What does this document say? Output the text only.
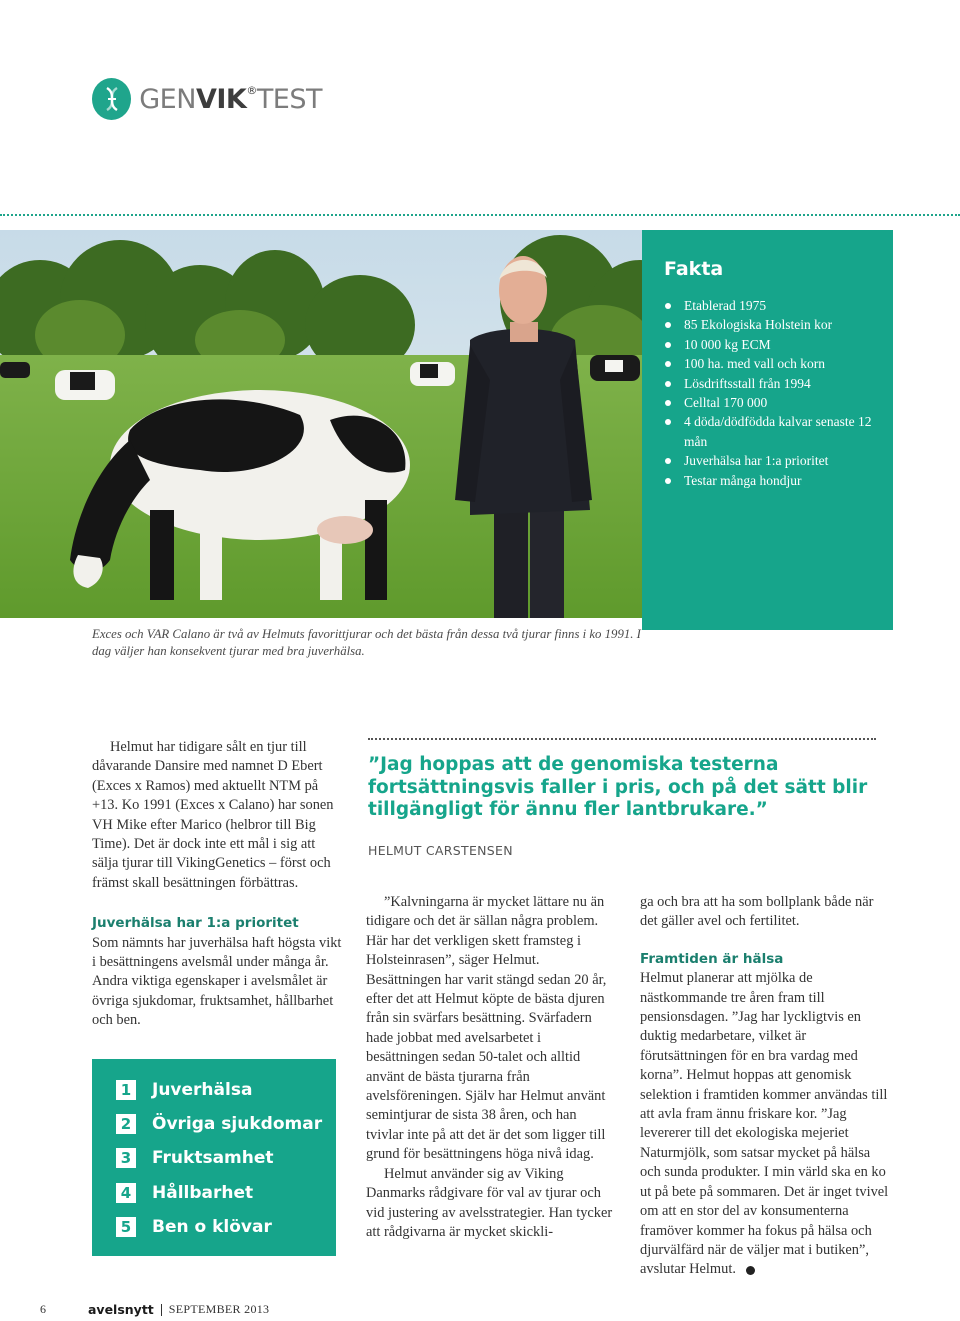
GENVIK®TEST
Fakta
Etablerad 1975
85 Ekologiska Holstein kor
10 000 kg ECM
100 ha. med vall och korn
Lösdriftsstall från 1994
Celltal 170 000
4 döda/dödfödda kalvar senaste 12 mån
Juverhälsa har 1:a prioritet
Testar många hondjur
Exces och VAR Calano är två av Helmuts favorittjurar och det bästa från dessa två tjurar finns i ko 1991. I dag väljer han konsekvent tjurar med bra juverhälsa.

Helmut har tidigare sålt en tjur till dåvarande Dansire med namnet D Ebert (Exces x Ramos) med aktuellt NTM på +13. Ko 1991 (Exces x Calano) har sonen VH Mike efter Marico (helbror till Big Time). Det är dock inte ett mål i sig att sälja tjurar till VikingGenetics – först och främst skall besättningen förbättras.

Juverhälsa har 1:a prioritet

Som nämnts har juverhälsa haft högsta vikt i besättningens avelsmål under många år. Andra viktiga egenskaper i avelsmålet är övriga sjukdomar, fruktsamhet, hållbarhet och ben.

”Jag hoppas att de genomiska testerna fortsättningsvis faller i pris, och på det sätt blir tillgängligt för ännu fler lantbrukare.”
HELMUT CARSTENSEN

”Kalvningarna är mycket lättare nu än tidigare och det är sällan några problem. Här har det verkligen skett framsteg i Holsteinrasen”, säger Helmut. Besättningen har varit stängd sedan 20 år, efter det att Helmut köpte de bästa djuren från sin svärfars besättning. Svärfadern hade jobbat med avelsarbetet i besättningen sedan 50-talet och alltid använt de bästa tjurarna från avelsföreningen. Själv har Helmut använt semintjurar de sista 38 åren, och han tvivlar inte på att det är det som ligger till grund för besättningens höga nivå idag.

Helmut använder sig av Viking Danmarks rådgivare för val av tjurar och vid justering av avelsstrategier. Han tycker att rådgivarna är mycket skickli-

ga och bra att ha som bollplank både när det gäller avel och fertilitet.

Framtiden är hälsa

Helmut planerar att mjölka de nästkommande tre åren fram till pensionsdagen. ”Jag har lyckligtvis en duktig medarbetare, vilket är förutsättningen för en bra vardag med korna”. Helmut hoppas att genomisk selektion i framtiden kommer användas till att avla fram ännu friskare kor. ”Jag levererer till det ekologiska mejeriet Naturmjölk, som satsar mycket på hälsa och sunda produkter. I min värld ska en ko ut på bete på sommaren. Det är inget tvivel om att en stor del av konsumenterna framöver kommer ha fokus på hälsa och djurvälfärd när de väljer mat i butiken”, avslutar Helmut.

1 Juverhälsa
2 Övriga sjukdomar
3 Fruktsamhet
4 Hållbarhet
5 Ben o klövar
6	avelsnytt SEPTEMBER 2013
